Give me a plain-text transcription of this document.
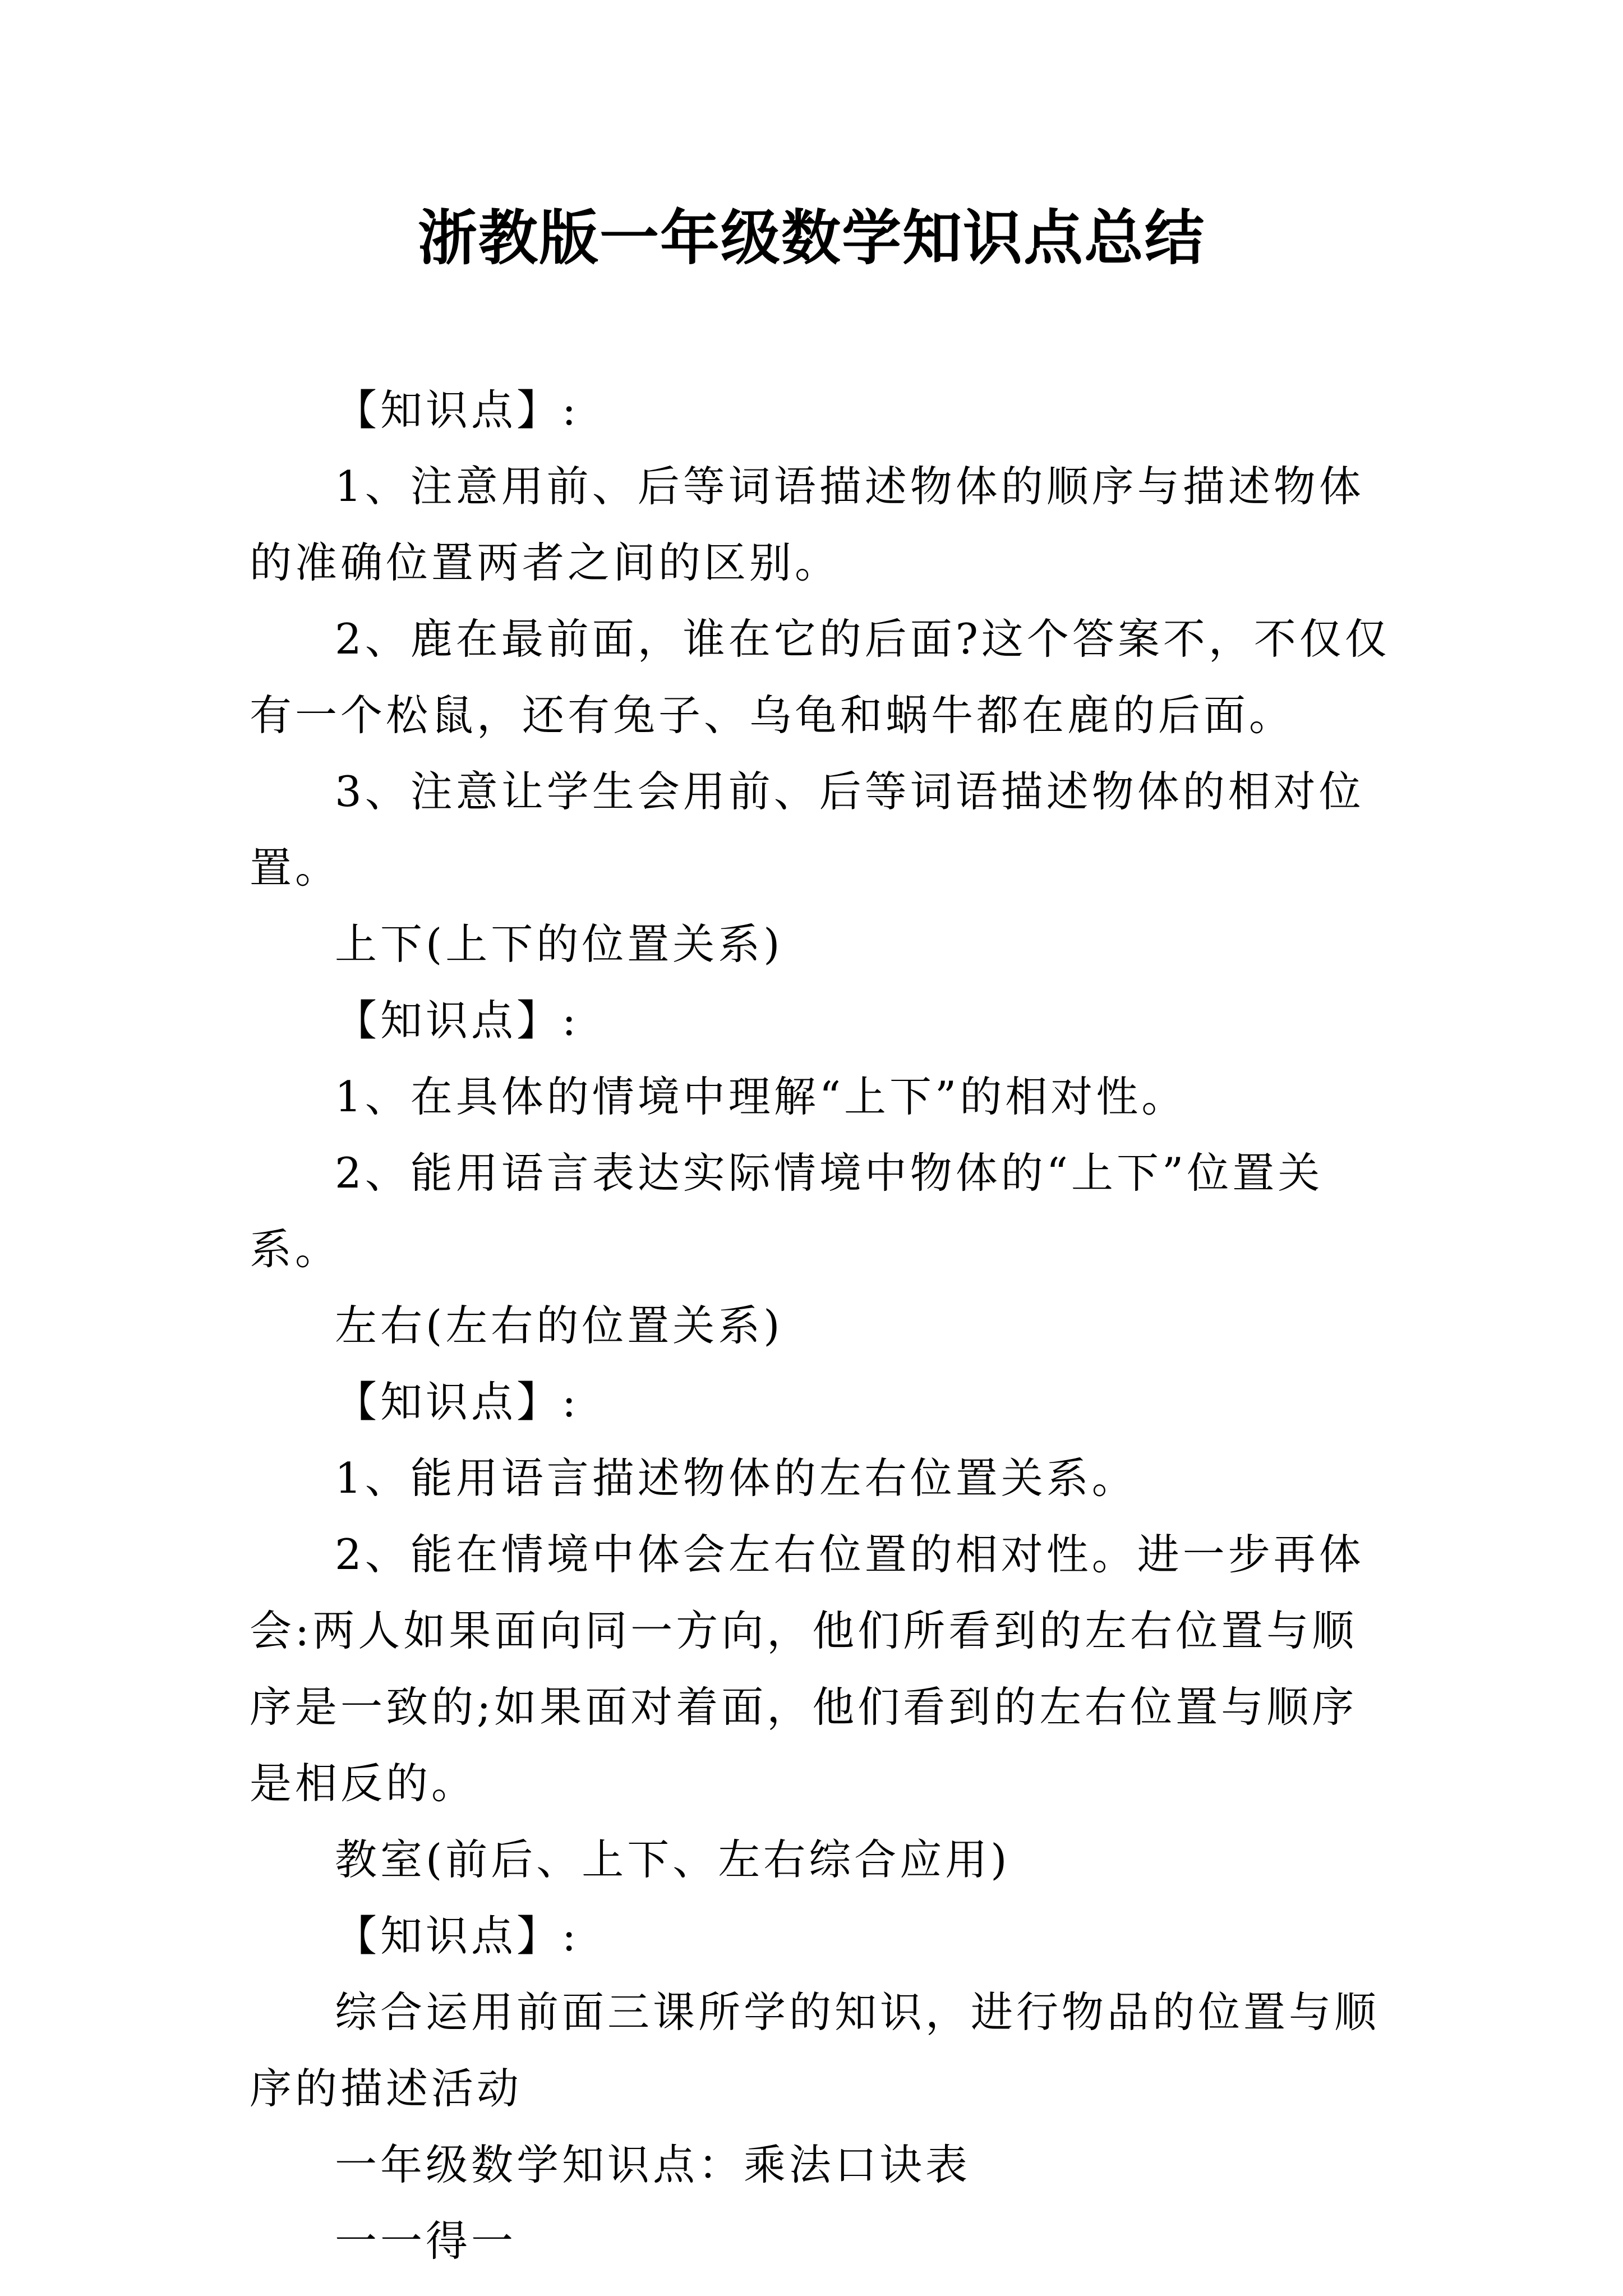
浙教版一年级数学知识点总结

【知识点】:

1、注意用前、后等词语描述物体的顺序与描述物体的准确位置两者之间的区别。

2、鹿在最前面，谁在它的后面?这个答案不，不仅仅有一个松鼠，还有兔子、乌龟和蜗牛都在鹿的后面。

3、注意让学生会用前、后等词语描述物体的相对位置。

上下(上下的位置关系)

【知识点】:

1、在具体的情境中理解“上下”的相对性。

2、能用语言表达实际情境中物体的“上下”位置关系。

左右(左右的位置关系)

【知识点】:

1、能用语言描述物体的左右位置关系。

2、能在情境中体会左右位置的相对性。进一步再体会:两人如果面向同一方向，他们所看到的左右位置与顺序是一致的;如果面对着面，他们看到的左右位置与顺序是相反的。

教室(前后、上下、左右综合应用)

【知识点】:

综合运用前面三课所学的知识，进行物品的位置与顺序的描述活动

一年级数学知识点：乘法口诀表

一一得一
